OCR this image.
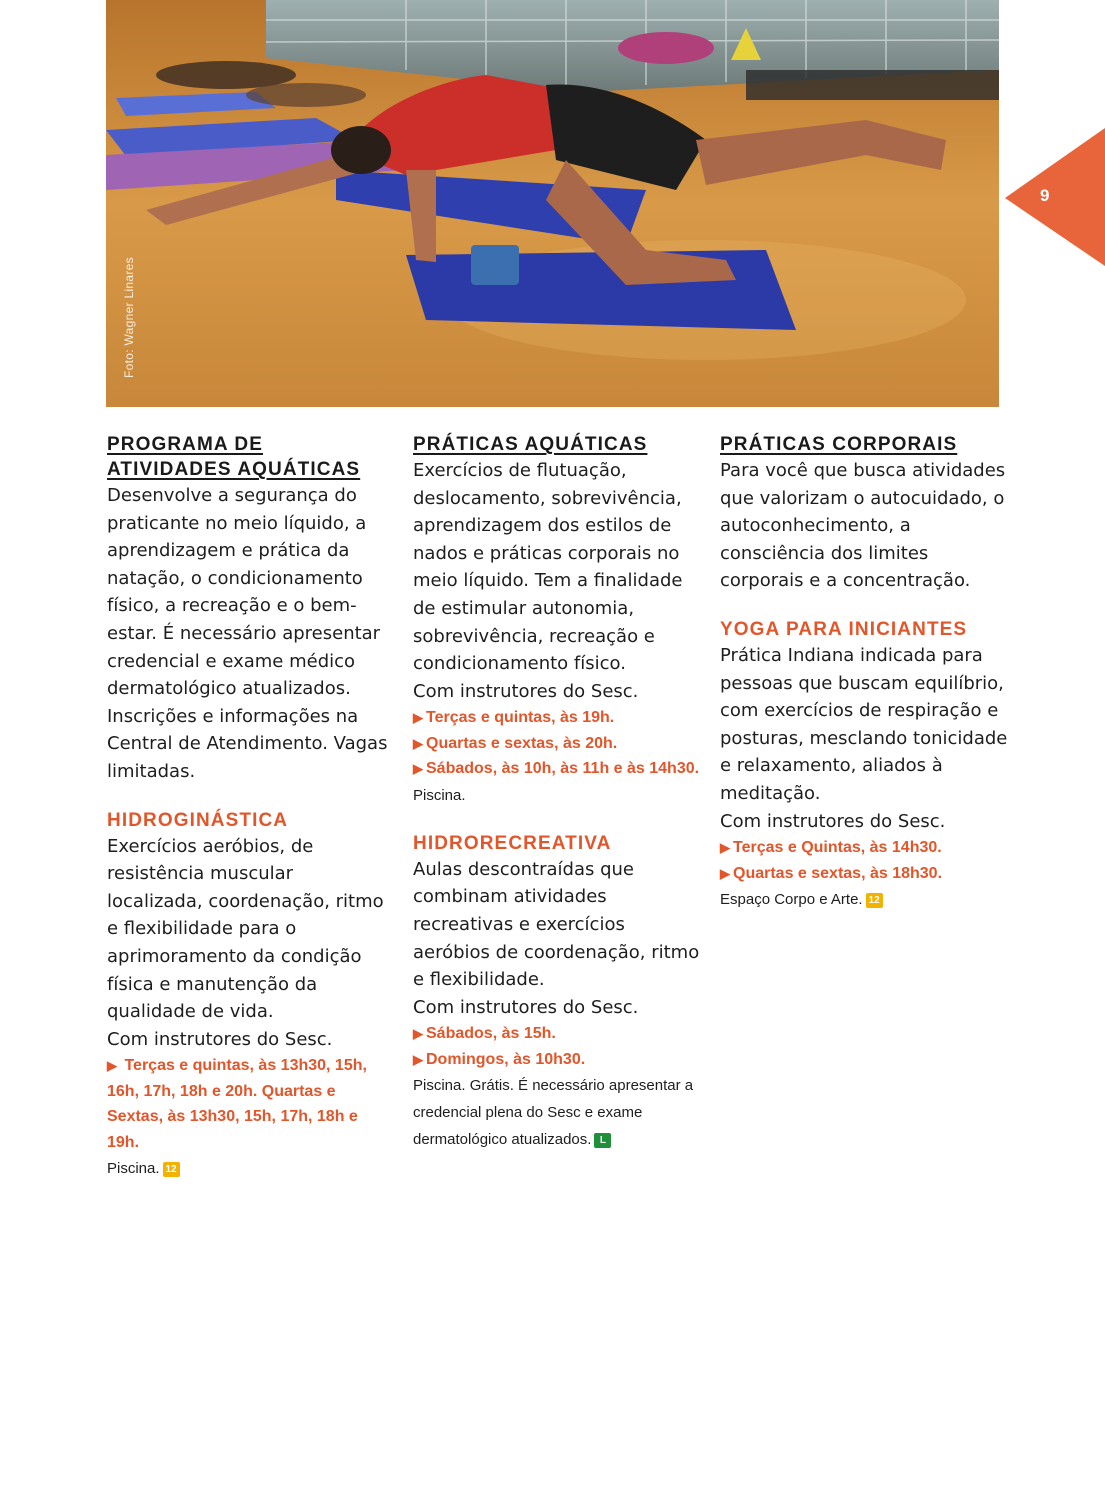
Foto: Wagner Linares
9
PROGRAMA DE
ATIVIDADES AQUÁTICAS

Desenvolve a segurança do praticante no meio líquido, a aprendizagem e prática da natação, o condicionamento físico, a recreação e o bem-estar. É necessário apresentar credencial e exame médico dermatológico atualizados. Inscrições e informações na Central de Atendimento. Vagas limitadas.

HIDROGINÁSTICA

Exercícios aeróbios, de resistência muscular localizada, coordenação, ritmo e flexibilidade para o aprimoramento da condição física e manutenção da qualidade de vida.

Com instrutores do Sesc.

▶ Terças e quintas, às 13h30, 15h, 16h, 17h, 18h e 20h. Quartas e Sextas, às 13h30, 15h, 17h, 18h e 19h.

Piscina. 12

PRÁTICAS AQUÁTICAS

Exercícios de flutuação, deslocamento, sobrevivência, aprendizagem dos estilos de nados e práticas corporais no meio líquido. Tem a finalidade de estimular autonomia, sobrevivência, recreação e condicionamento físico.

Com instrutores do Sesc.

▶ Terças e quintas, às 19h.

▶ Quartas e sextas, às 20h.

▶ Sábados, às 10h, às 11h e às 14h30.

Piscina.

HIDRORECREATIVA

Aulas descontraídas que combinam atividades recreativas e exercícios aeróbios de coordenação, ritmo e flexibilidade.

Com instrutores do Sesc.

▶ Sábados, às 15h.

▶ Domingos, às 10h30.

Piscina. Grátis. É necessário apresentar a credencial plena do Sesc e exame dermatológico atualizados. L

PRÁTICAS CORPORAIS

Para você que busca atividades que valorizam o autocuidado, o autoconhecimento, a consciência dos limites corporais e a concentração.

YOGA PARA INICIANTES

Prática Indiana indicada para pessoas que buscam equilíbrio, com exercícios de respiração e posturas, mesclando tonicidade e relaxamento, aliados à meditação.

Com instrutores do Sesc.

▶ Terças e Quintas, às 14h30.

▶ Quartas e sextas, às 18h30.

Espaço Corpo e Arte. 12
